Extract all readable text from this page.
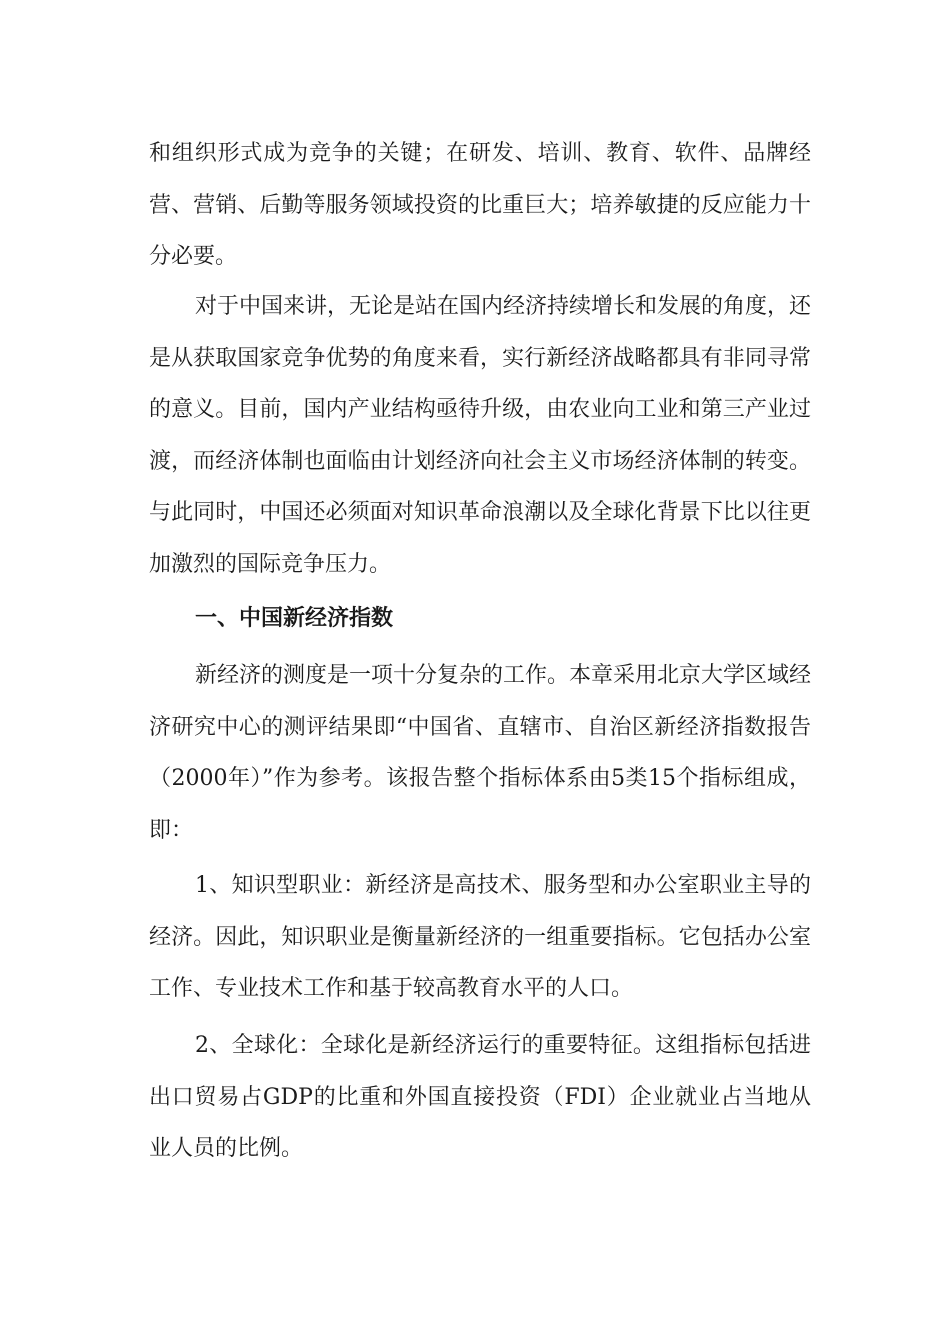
和组织形式成为竞争的关键；在研发、培训、教育、软件、品牌经营、营销、后勤等服务领域投资的比重巨大；培养敏捷的反应能力十分必要。

对于中国来讲，无论是站在国内经济持续增长和发展的角度，还是从获取国家竞争优势的角度来看，实行新经济战略都具有非同寻常的意义。目前，国内产业结构亟待升级，由农业向工业和第三产业过渡，而经济体制也面临由计划经济向社会主义市场经济体制的转变。与此同时，中国还必须面对知识革命浪潮以及全球化背景下比以往更加激烈的国际竞争压力。

一、中国新经济指数

新经济的测度是一项十分复杂的工作。本章采用北京大学区域经济研究中心的测评结果即“中国省、直辖市、自治区新经济指数报告（2000年）”作为参考。该报告整个指标体系由5类15个指标组成，即：

1、知识型职业：新经济是高技术、服务型和办公室职业主导的经济。因此，知识职业是衡量新经济的一组重要指标。它包括办公室工作、专业技术工作和基于较高教育水平的人口。

2、全球化：全球化是新经济运行的重要特征。这组指标包括进出口贸易占GDP的比重和外国直接投资（FDI）企业就业占当地从业人员的比例。
